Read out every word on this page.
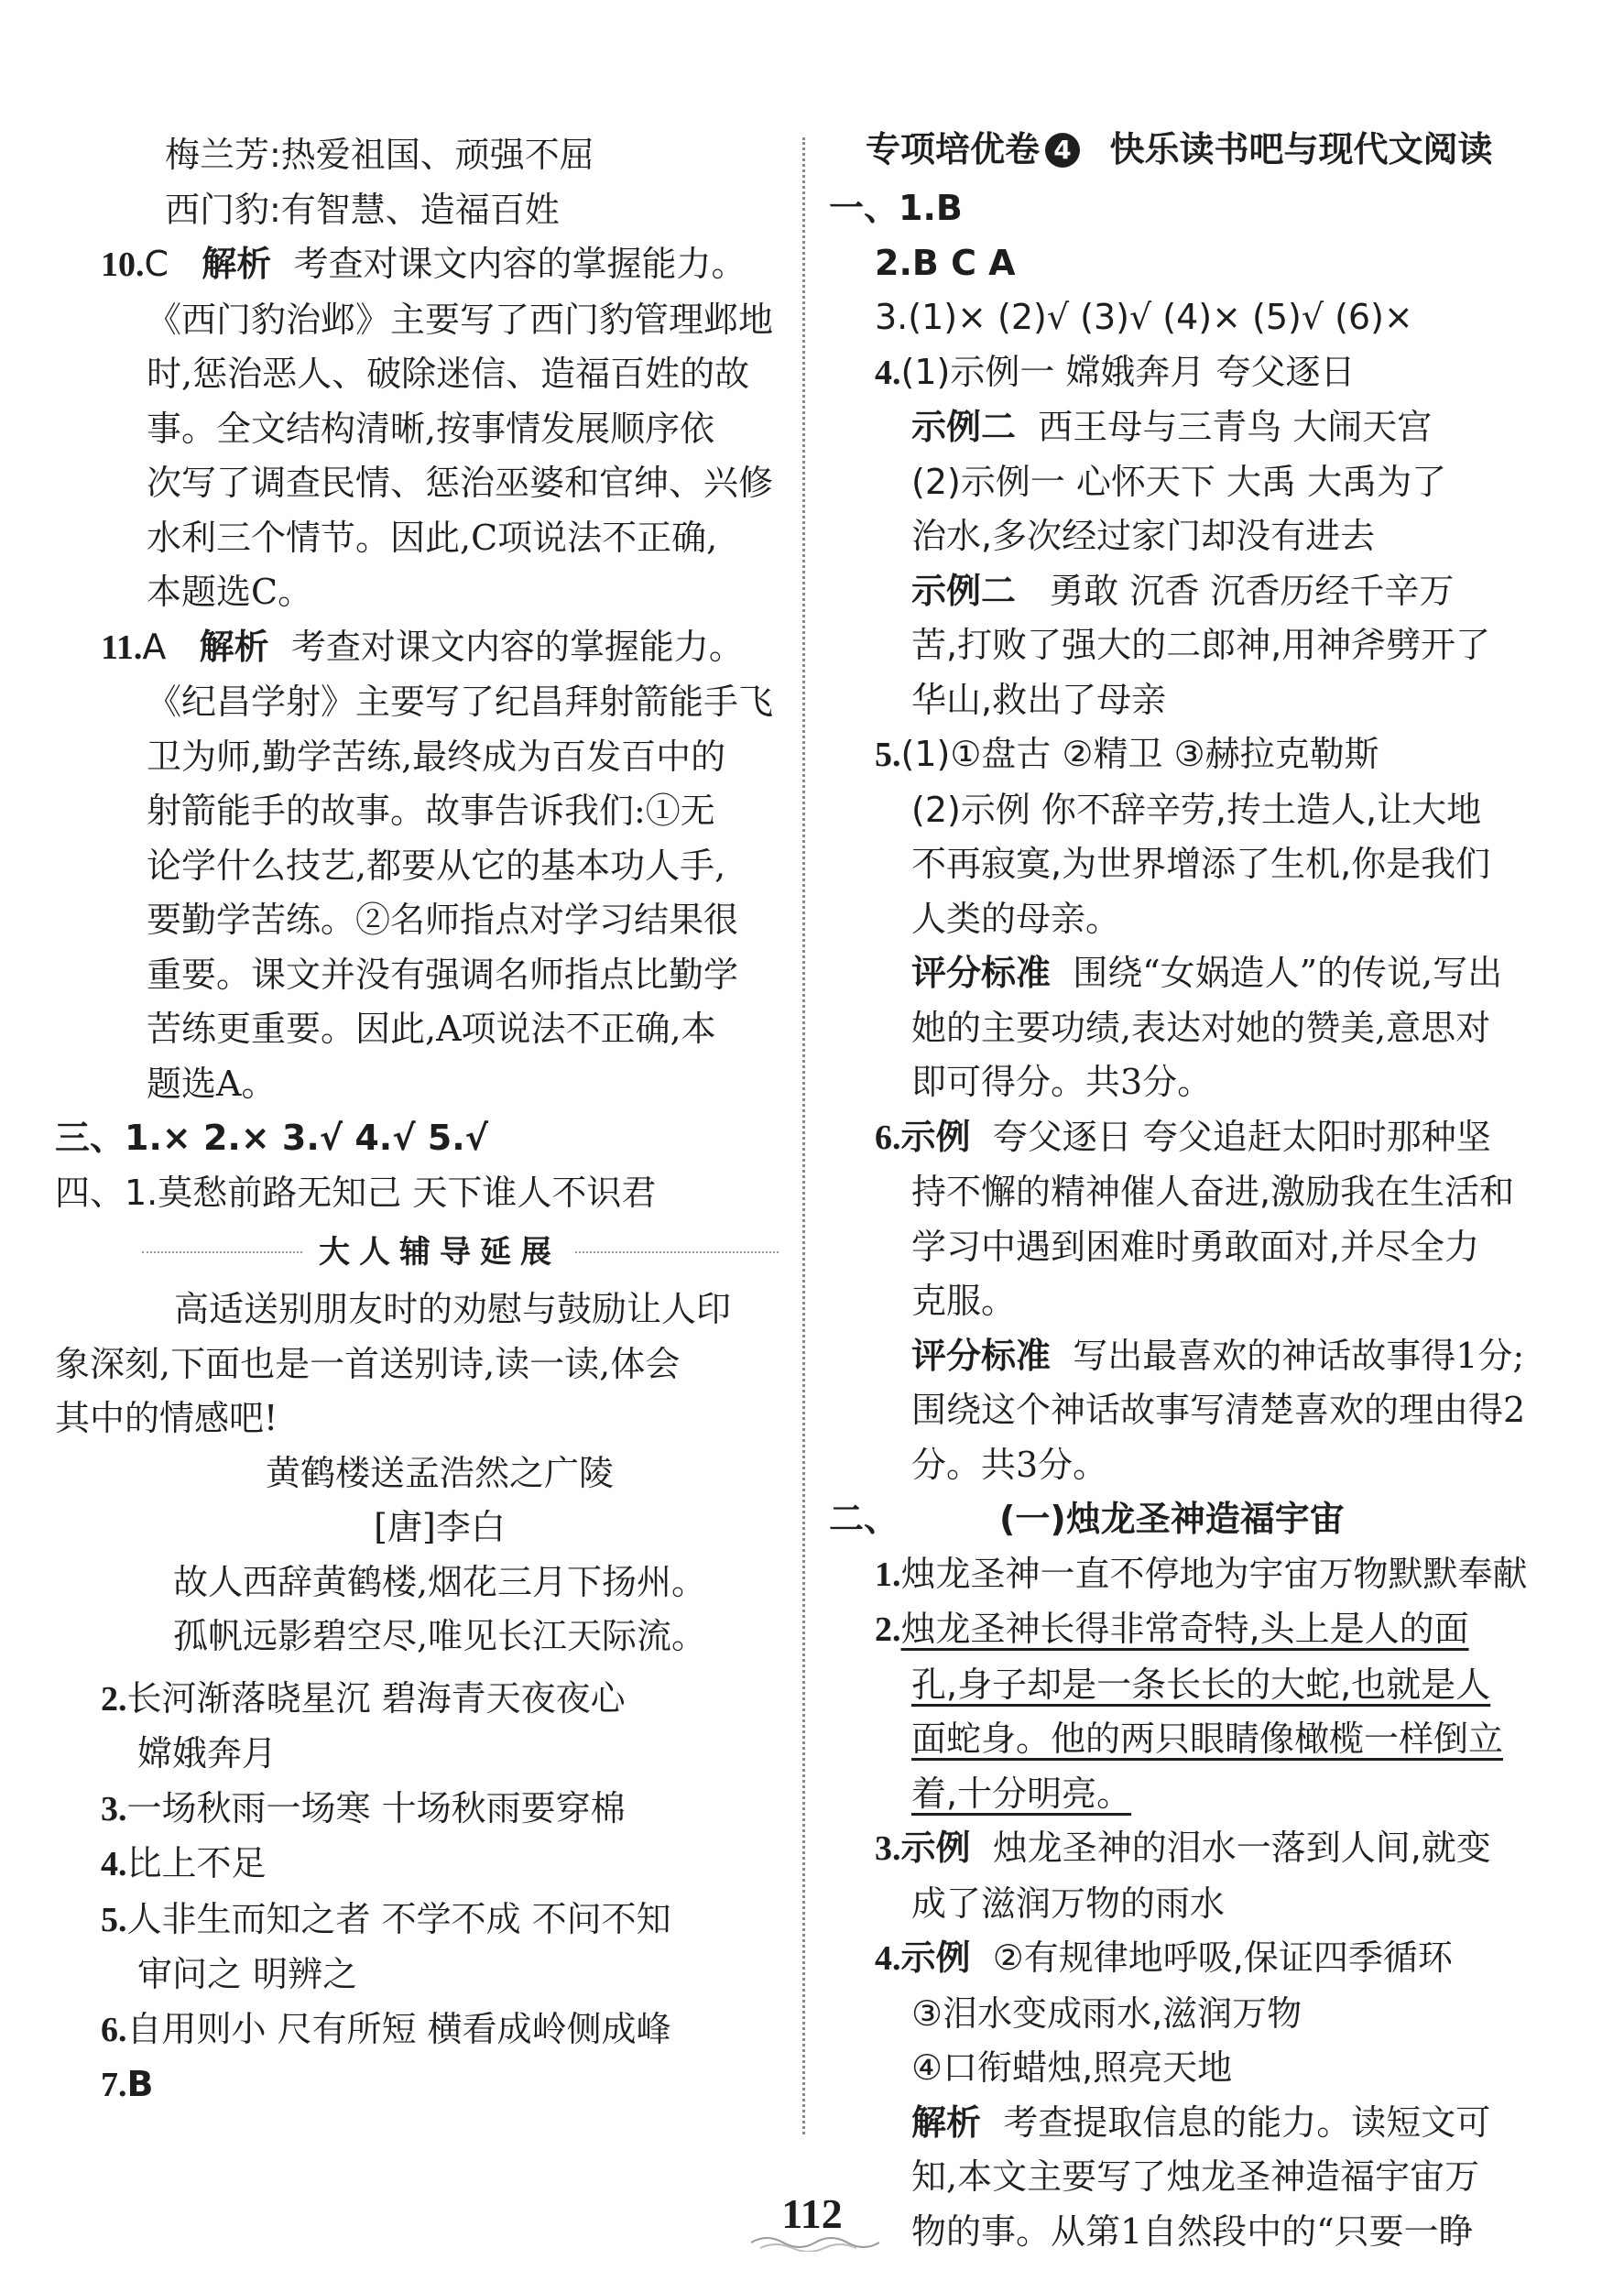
梅兰芳:热爱祖国、顽强不屈
西门豹:有智慧、造福百姓
10.C 解析 考查对课文内容的掌握能力。
《西门豹治邺》主要写了西门豹管理邺地
时,惩治恶人、破除迷信、造福百姓的故
事。全文结构清晰,按事情发展顺序依
次写了调查民情、惩治巫婆和官绅、兴修
水利三个情节。因此,C项说法不正确,
本题选C。
11.A 解析 考查对课文内容的掌握能力。
《纪昌学射》主要写了纪昌拜射箭能手飞
卫为师,勤学苦练,最终成为百发百中的
射箭能手的故事。故事告诉我们:①无
论学什么技艺,都要从它的基本功人手,
要勤学苦练。②名师指点对学习结果很
重要。课文并没有强调名师指点比勤学
苦练更重要。因此,A项说法不正确,本
题选A。
三、1.× 2.× 3.√ 4.√ 5.√
四、1.莫愁前路无知己 天下谁人不识君
大人辅导延展
高适送别朋友时的劝慰与鼓励让人印
象深刻,下面也是一首送别诗,读一读,体会
其中的情感吧!
黄鹤楼送孟浩然之广陵
[唐]李白
故人西辞黄鹤楼,烟花三月下扬州。
孤帆远影碧空尽,唯见长江天际流。
2.长河渐落晓星沉 碧海青天夜夜心
嫦娥奔月
3.一场秋雨一场寒 十场秋雨要穿棉
4.比上不足
5.人非生而知之者 不学不成 不问不知
审问之 明辨之
6.自用则小 尺有所短 横看成岭侧成峰
7.B
专项培优卷 4 快乐读书吧与现代文阅读
一、1.B
2.B C A
3.(1)× (2)√ (3)√ (4)× (5)√ (6)×
4.(1)示例一 嫦娥奔月 夸父逐日
示例二 西王母与三青鸟 大闹天宫
(2)示例一 心怀天下 大禹 大禹为了
治水,多次经过家门却没有进去
示例二 勇敢 沉香 沉香历经千辛万
苦,打败了强大的二郎神,用神斧劈开了
华山,救出了母亲
5.(1)①盘古 ②精卫 ③赫拉克勒斯
(2)示例 你不辞辛劳,抟土造人,让大地
不再寂寞,为世界增添了生机,你是我们
人类的母亲。
评分标准 围绕“女娲造人”的传说,写出
她的主要功绩,表达对她的赞美,意思对
即可得分。共3分。
6.示例 夸父逐日 夸父追赶太阳时那种坚
持不懈的精神催人奋进,激励我在生活和
学习中遇到困难时勇敢面对,并尽全力
克服。
评分标准 写出最喜欢的神话故事得1分;
围绕这个神话故事写清楚喜欢的理由得2
分。共3分。
二、	(一)烛龙圣神造福宇宙
1.烛龙圣神一直不停地为宇宙万物默默奉献
2.烛龙圣神长得非常奇特,头上是人的面
孔,身子却是一条长长的大蛇,也就是人
面蛇身。他的两只眼睛像橄榄一样倒立
着,十分明亮。
3.示例 烛龙圣神的泪水一落到人间,就变
成了滋润万物的雨水
4.示例 ②有规律地呼吸,保证四季循环
③泪水变成雨水,滋润万物
④口衔蜡烛,照亮天地
解析 考查提取信息的能力。读短文可
知,本文主要写了烛龙圣神造福宇宙万
物的事。从第1自然段中的“只要一睁
112
